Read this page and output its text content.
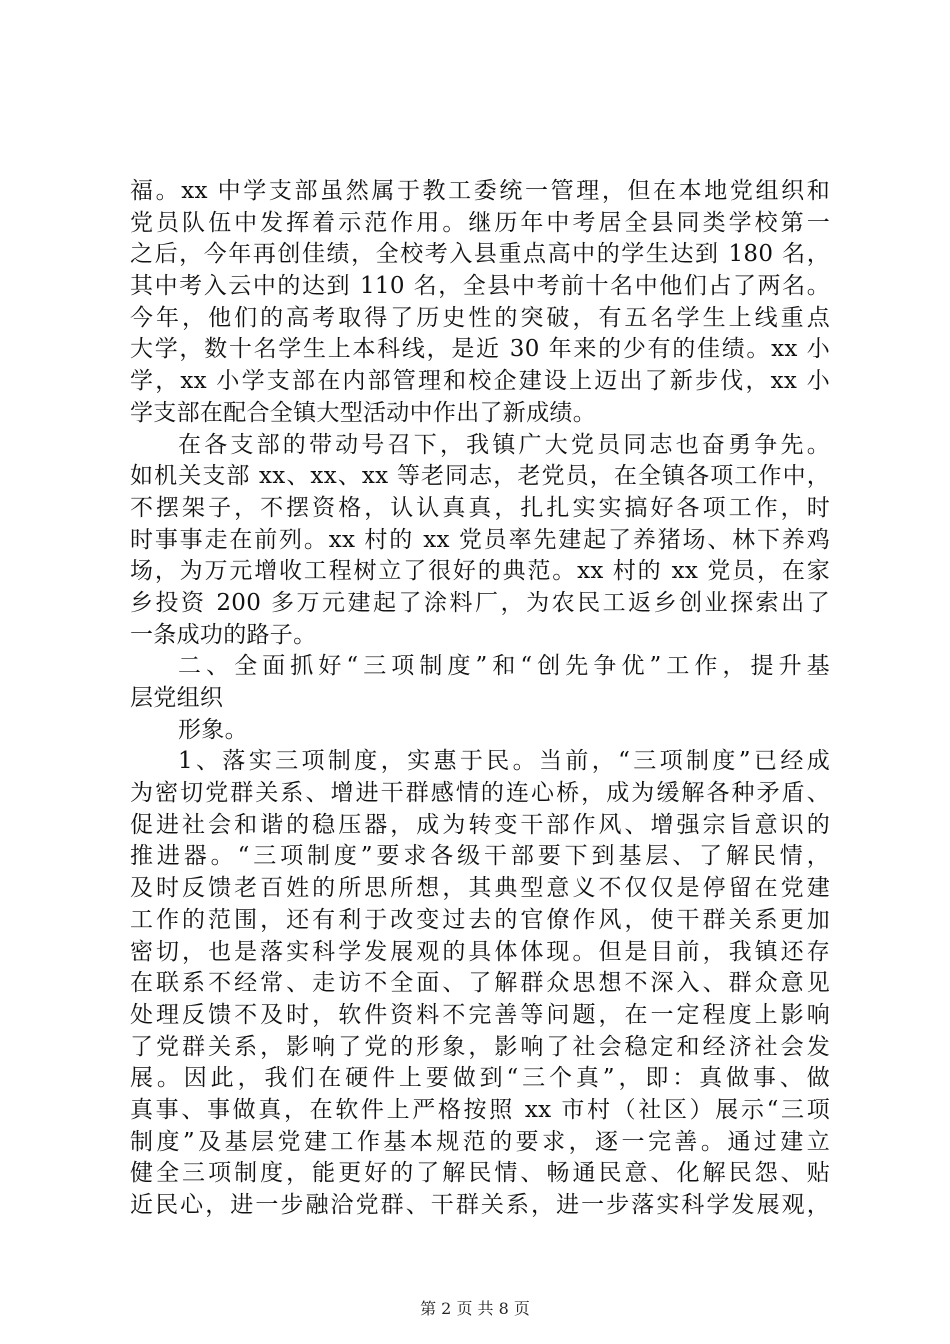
福。xx 中学支部虽然属于教工委统一管理，但在本地党组织和
党员队伍中发挥着示范作用。继历年中考居全县同类学校第一
之后，今年再创佳绩，全校考入县重点高中的学生达到 180 名，
其中考入云中的达到 110 名，全县中考前十名中他们占了两名。
今年，他们的高考取得了历史性的突破，有五名学生上线重点
大学，数十名学生上本科线，是近 30 年来的少有的佳绩。xx 小
学，xx 小学支部在内部管理和校企建设上迈出了新步伐，xx 小
学支部在配合全镇大型活动中作出了新成绩。
在各支部的带动号召下，我镇广大党员同志也奋勇争先。
如机关支部 xx、xx、xx 等老同志，老党员，在全镇各项工作中，
不摆架子，不摆资格，认认真真，扎扎实实搞好各项工作，时
时事事走在前列。xx 村的 xx 党员率先建起了养猪场、林下养鸡
场，为万元增收工程树立了很好的典范。xx 村的 xx 党员，在家
乡投资 200 多万元建起了涂料厂，为农民工返乡创业探索出了
一条成功的路子。
二、全面抓好“三项制度”和“创先争优”工作，提升基
层党组织
形象。
1、落实三项制度，实惠于民。当前，“三项制度”已经成
为密切党群关系、增进干群感情的连心桥，成为缓解各种矛盾、
促进社会和谐的稳压器，成为转变干部作风、增强宗旨意识的
推进器。“三项制度”要求各级干部要下到基层、了解民情，
及时反馈老百姓的所思所想，其典型意义不仅仅是停留在党建
工作的范围，还有利于改变过去的官僚作风，使干群关系更加
密切，也是落实科学发展观的具体体现。但是目前，我镇还存
在联系不经常、走访不全面、了解群众思想不深入、群众意见
处理反馈不及时，软件资料不完善等问题，在一定程度上影响
了党群关系，影响了党的形象，影响了社会稳定和经济社会发
展。因此，我们在硬件上要做到“三个真”，即：真做事、做
真事、事做真，在软件上严格按照 xx 市村（社区）展示“三项
制度”及基层党建工作基本规范的要求，逐一完善。通过建立
健全三项制度，能更好的了解民情、畅通民意、化解民怨、贴
近民心，进一步融洽党群、干群关系，进一步落实科学发展观，
第 2 页 共 8 页
